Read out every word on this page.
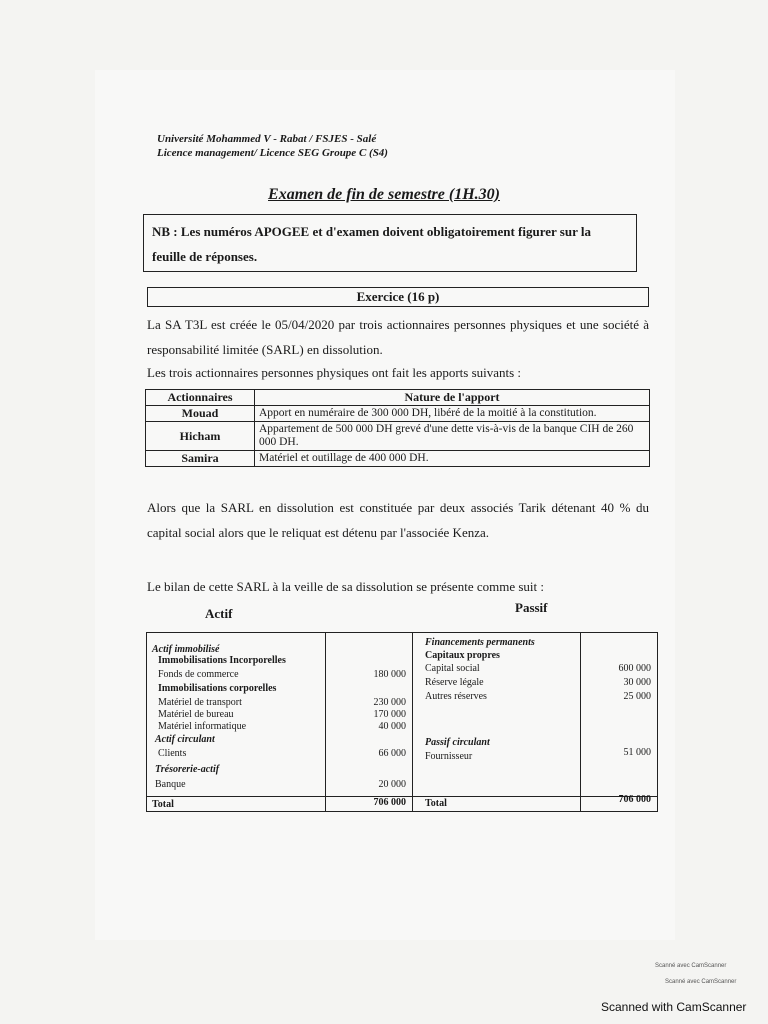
Université Mohammed V - Rabat / FSJES - Salé
Licence management/ Licence SEG Groupe C (S4)
Examen de fin de semestre (1H.30)
NB : Les numéros APOGEE et d'examen doivent obligatoirement figurer sur la feuille de réponses.
Exercice (16 p)
La SA T3L est créée le 05/04/2020 par trois actionnaires personnes physiques et une société à responsabilité limitée (SARL) en dissolution.
Les trois actionnaires personnes physiques ont fait les apports suivants :
Actionnaires	Nature de l'apport
Mouad	Apport en numéraire de 300 000 DH, libéré de la moitié à la constitution.
Hicham	Appartement de 500 000 DH grevé d'une dette vis-à-vis de la banque CIH de 260 000 DH.
Samira	Matériel et outillage de 400 000 DH.
Alors que la SARL en dissolution est constituée par deux associés Tarik détenant 40 % du capital social alors que le reliquat est détenu par l'associée Kenza.
Le bilan de cette SARL à la veille de sa dissolution se présente comme suit :
Actif	Passif
Actif immobilisé
Immobilisations Incorporelles
Fonds de commerce	180 000
Immobilisations corporelles
Matériel de transport	230 000
Matériel de bureau	170 000
Matériel informatique	40 000
Actif circulant
Clients	66 000
Trésorerie-actif
Banque	20 000
Total	706 000
Financements permanents
Capitaux propres
Capital social	600 000
Réserve légale	30 000
Autres réserves	25 000
Passif circulant
Fournisseur	51 000
Total	706 000
Scanné avec CamScanner
Scanné avec CamScanner
Scanned with CamScanner
